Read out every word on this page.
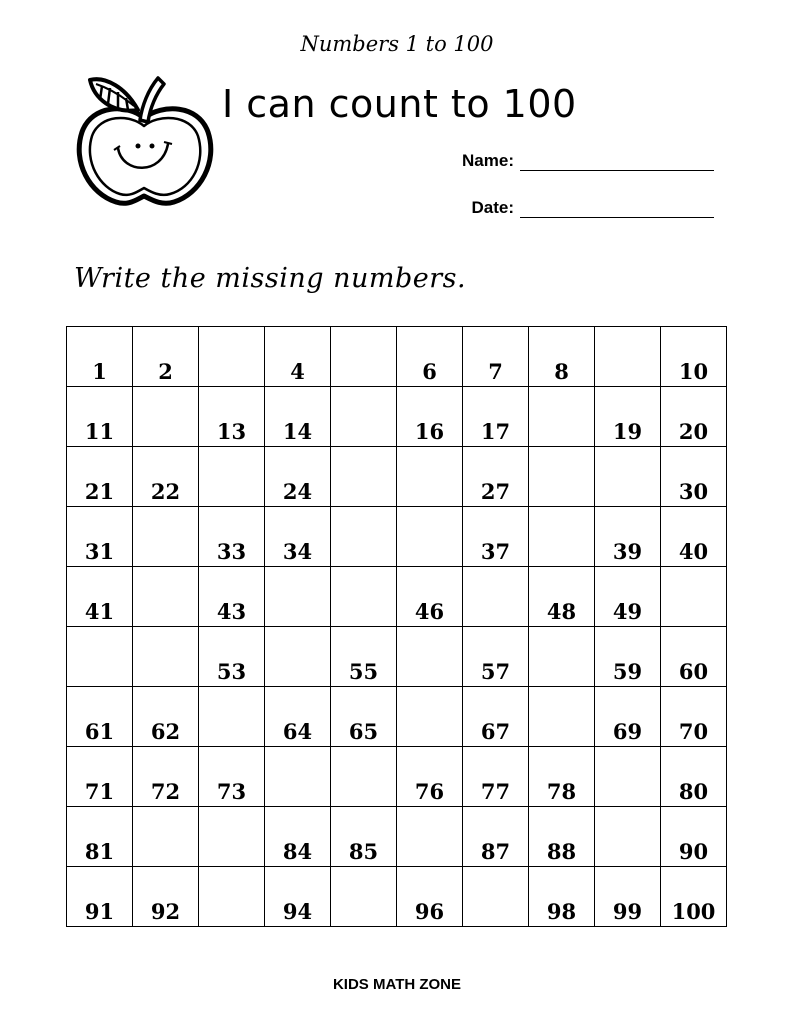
Numbers 1 to 100
I can count to 100
Name:
Date:
Write the missing numbers.
1	2		4		6	7	8		10
11		13	14		16	17		19	20
21	22		24			27			30
31		33	34			37		39	40
41		43			46		48	49	
		53		55		57		59	60
61	62		64	65		67		69	70
71	72	73			76	77	78		80
81			84	85		87	88		90
91	92		94		96		98	99	100
KIDS MATH ZONE
